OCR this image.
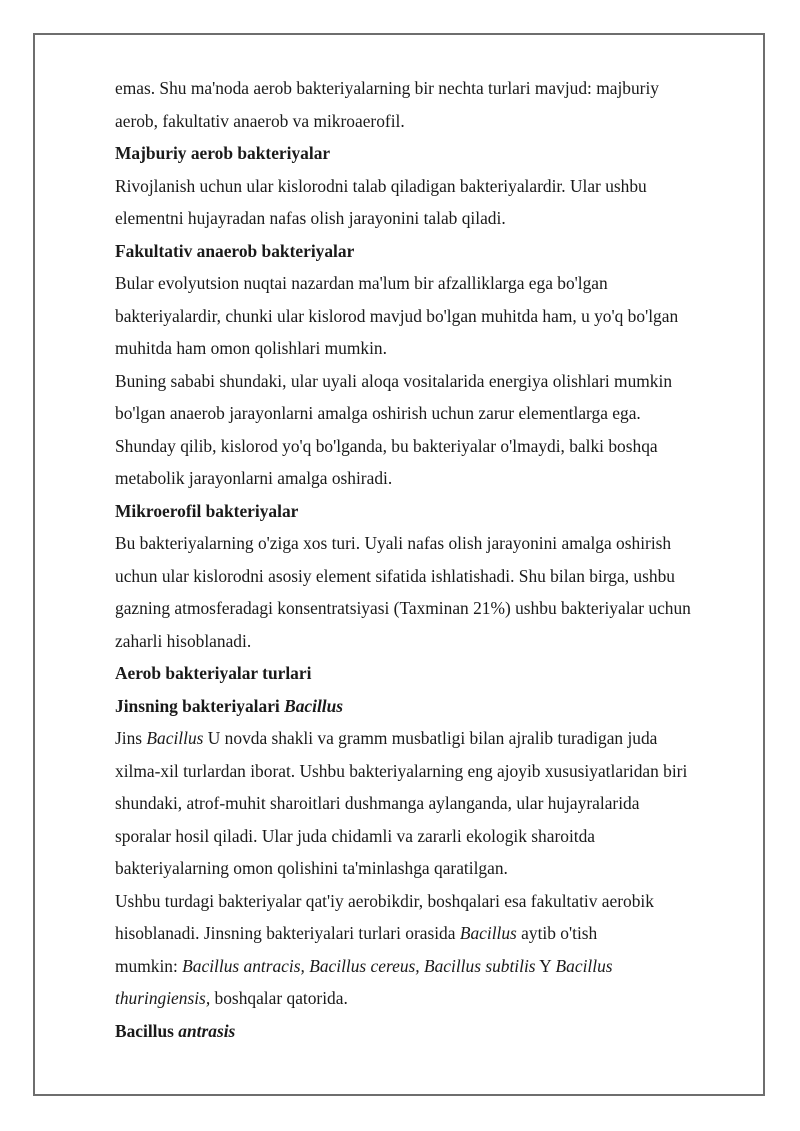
emas. Shu ma'noda aerob bakteriyalarning bir nechta turlari mavjud: majburiy
aerob, fakultativ anaerob va mikroaerofil.
Majburiy aerob bakteriyalar
Rivojlanish uchun ular kislorodni talab qiladigan bakteriyalardir. Ular ushbu
elementni hujayradan nafas olish jarayonini talab qiladi.
Fakultativ anaerob bakteriyalar
Bular evolyutsion nuqtai nazardan ma'lum bir afzalliklarga ega bo'lgan
bakteriyalardir, chunki ular kislorod mavjud bo'lgan muhitda ham, u yo'q bo'lgan
muhitda ham omon qolishlari mumkin.
Buning sababi shundaki, ular uyali aloqa vositalarida energiya olishlari mumkin
bo'lgan anaerob jarayonlarni amalga oshirish uchun zarur elementlarga ega.
Shunday qilib, kislorod yo'q bo'lganda, bu bakteriyalar o'lmaydi, balki boshqa
metabolik jarayonlarni amalga oshiradi.
Mikroerofil bakteriyalar
Bu bakteriyalarning o'ziga xos turi. Uyali nafas olish jarayonini amalga oshirish
uchun ular kislorodni asosiy element sifatida ishlatishadi. Shu bilan birga, ushbu
gazning atmosferadagi konsentratsiyasi (Taxminan 21%) ushbu bakteriyalar uchun
zaharli hisoblanadi.
Aerob bakteriyalar turlari
Jinsning bakteriyalari Bacillus
Jins Bacillus U novda shakli va gramm musbatligi bilan ajralib turadigan juda
xilma-xil turlardan iborat. Ushbu bakteriyalarning eng ajoyib xususiyatlaridan biri
shundaki, atrof-muhit sharoitlari dushmanga aylanganda, ular hujayralarida
sporalar hosil qiladi. Ular juda chidamli va zararli ekologik sharoitda
bakteriyalarning omon qolishini ta'minlashga qaratilgan.
Ushbu turdagi bakteriyalar qat'iy aerobikdir, boshqalari esa fakultativ aerobik
hisoblanadi. Jinsning bakteriyalari turlari orasida Bacillus aytib o'tish
mumkin: Bacillus antracis, Bacillus cereus, Bacillus subtilis Y Bacillus
thuringiensis, boshqalar qatorida.
Bacillus antrasis
